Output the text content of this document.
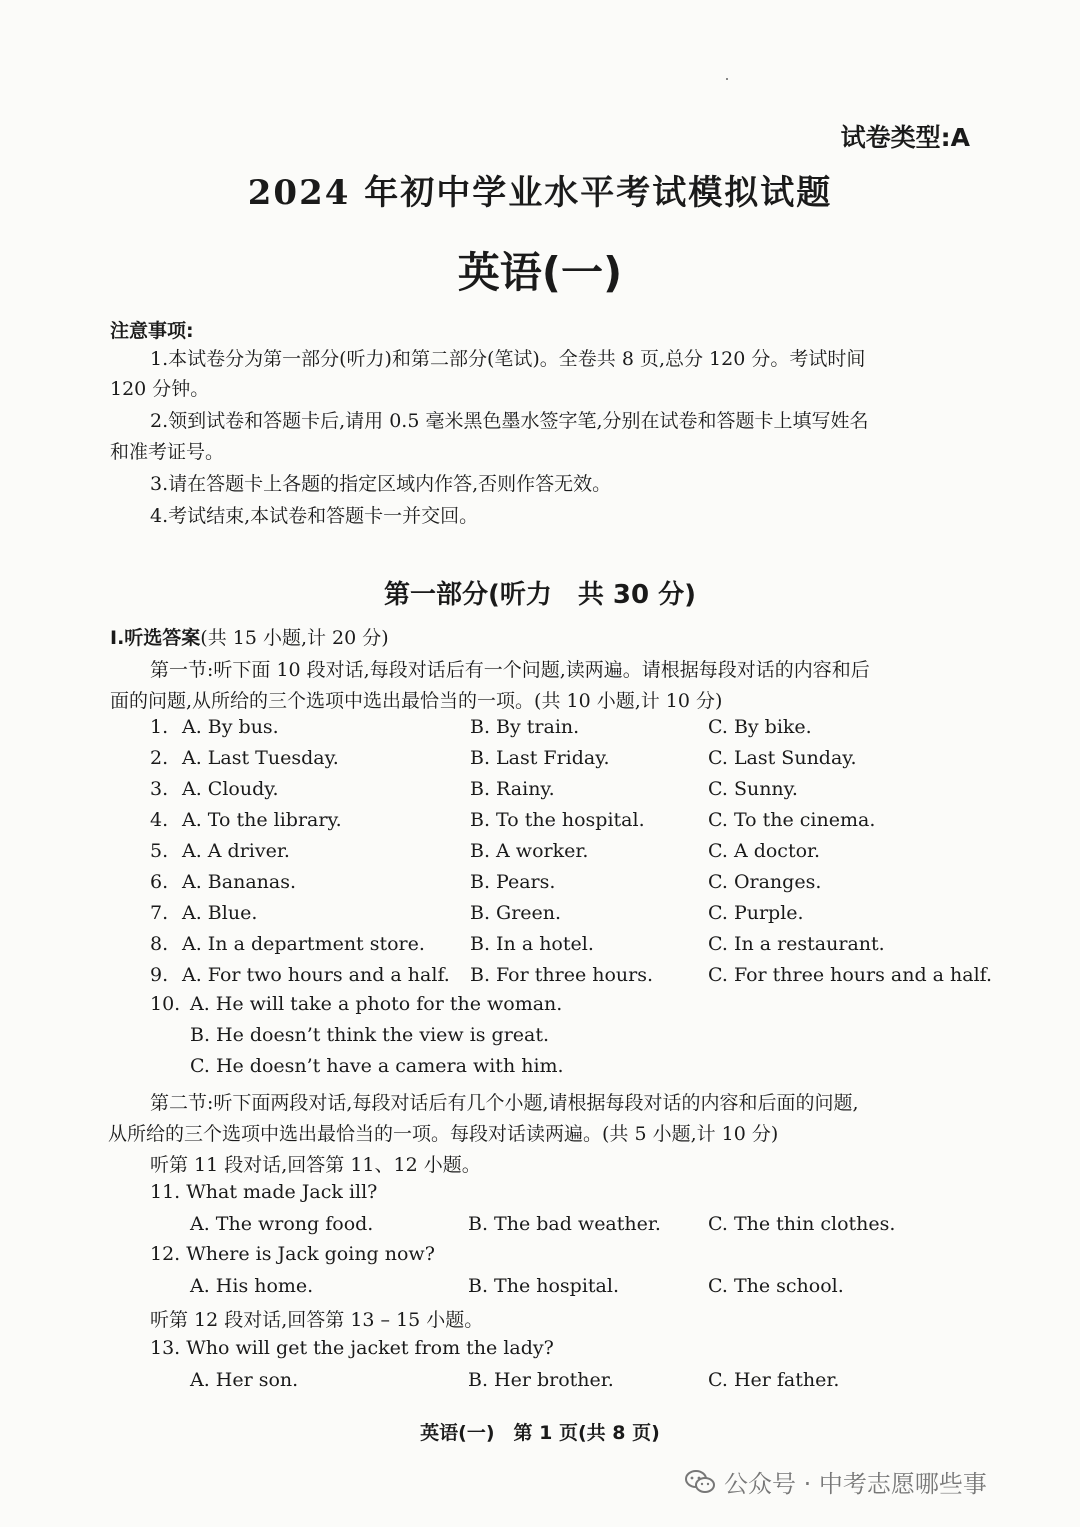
试卷类型:A
2024 年初中学业水平考试模拟试题
英语(一)
注意事项:
1.本试卷分为第一部分(听力)和第二部分(笔试)。全卷共 8 页,总分 120 分。考试时间
120 分钟。
2.领到试卷和答题卡后,请用 0.5 毫米黑色墨水签字笔,分别在试卷和答题卡上填写姓名
和准考证号。
3.请在答题卡上各题的指定区域内作答,否则作答无效。
4.考试结束,本试卷和答题卡一并交回。
第一部分(听力　共 30 分)
Ⅰ.听选答案(共 15 小题,计 20 分)
第一节:听下面 10 段对话,每段对话后有一个问题,读两遍。请根据每段对话的内容和后
面的问题,从所给的三个选项中选出最恰当的一项。(共 10 小题,计 10 分)
1. A. By bus.	B. By train.	C. By bike.
2. A. Last Tuesday.	B. Last Friday.	C. Last Sunday.
3. A. Cloudy.	B. Rainy.	C. Sunny.
4. A. To the library.	B. To the hospital.	C. To the cinema.
5. A. A driver.	B. A worker.	C. A doctor.
6. A. Bananas.	B. Pears.	C. Oranges.
7. A. Blue.	B. Green.	C. Purple.
8. A. In a department store. B. In a hotel.	C. In a restaurant.
9. A. For two hours and a half. B. For three hours.	C. For three hours and a half.
10. A. He will take a photo for the woman.
B. He doesn’t think the view is great.
C. He doesn’t have a camera with him.
第二节:听下面两段对话,每段对话后有几个小题,请根据每段对话的内容和后面的问题,
从所给的三个选项中选出最恰当的一项。每段对话读两遍。(共 5 小题,计 10 分)
听第 11 段对话,回答第 11、12 小题。
11. What made Jack ill?
A. The wrong food.	B. The bad weather. C. The thin clothes.
12. Where is Jack going now?
A. His home.	B. The hospital.	C. The school.
听第 12 段对话,回答第 13 – 15 小题。
13. Who will get the jacket from the lady?
A. Her son.	B. Her brother.	C. Her father.
英语(一)　第 1 页(共 8 页)
公众号 · 中考志愿哪些事
